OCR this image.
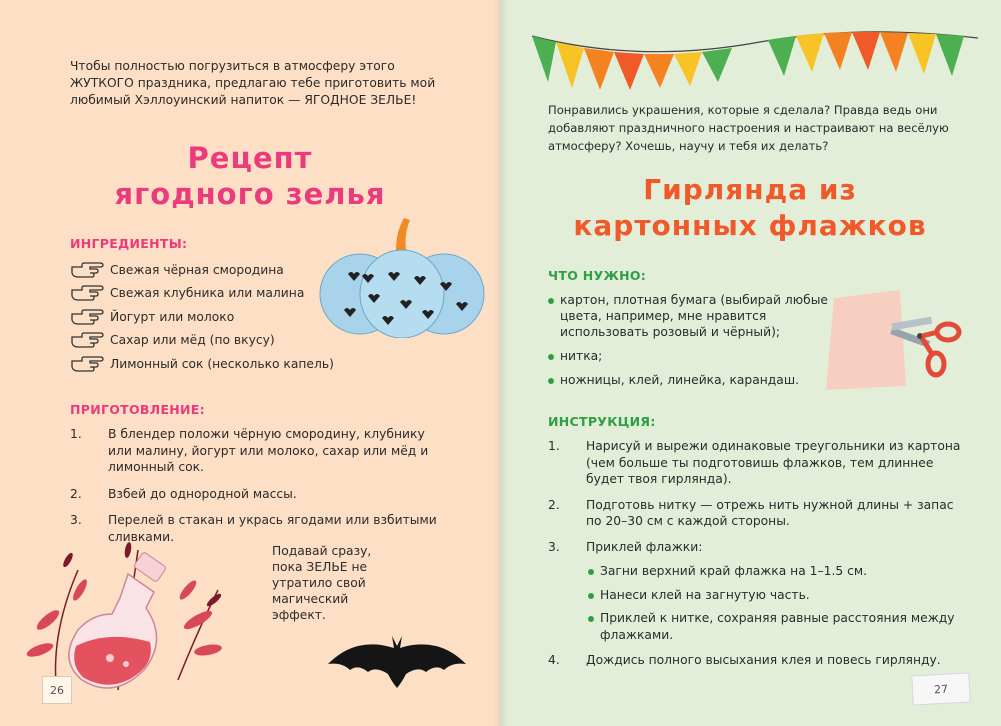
Чтобы полностью погрузиться в атмосферу этого ЖУТКОГО праздника, предлагаю тебе приготовить мой любимый Хэллоуинский напиток — ЯГОДНОЕ ЗЕЛЬЕ!
Рецепт
ягодного зелья
ИНГРЕДИЕНТЫ:
Свежая чёрная смородина
Свежая клубника или малина
Йогурт или молоко
Сахар или мёд (по вкусу)
Лимонный сок (несколько капель)
ПРИГОТОВЛЕНИЕ:
1. В блендер положи чёрную смородину, клубнику или малину, йогурт или молоко, сахар или мёд и лимонный сок.
2. Взбей до однородной массы.
3. Перелей в стакан и укрась ягодами или взбитыми сливками.
Подавай сразу, пока ЗЕЛЬЕ не утратило свой магический эффект.
26
Понравились украшения, которые я сделала? Правда ведь они добавляют праздничного настроения и настраивают на весёлую атмосферу? Хочешь, научу и тебя их делать?
Гирлянда из
картонных флажков
ЧТО НУЖНО:
картон, плотная бумага (выбирай любые цвета, например, мне нравится использовать розовый и чёрный);
нитка;
ножницы, клей, линейка, карандаш.
ИНСТРУКЦИЯ:
1. Нарисуй и вырежи одинаковые треугольники из картона (чем больше ты подготовишь флажков, тем длиннее будет твоя гирлянда).
2. Подготовь нитку — отрежь нить нужной длины + запас по 20–30 см с каждой стороны.
3. Приклей флажки:
Загни верхний край флажка на 1–1.5 см.
Нанеси клей на загнутую часть.
Приклей к нитке, сохраняя равные расстояния между флажками.
4. Дождись полного высыхания клея и повесь гирлянду.
27
